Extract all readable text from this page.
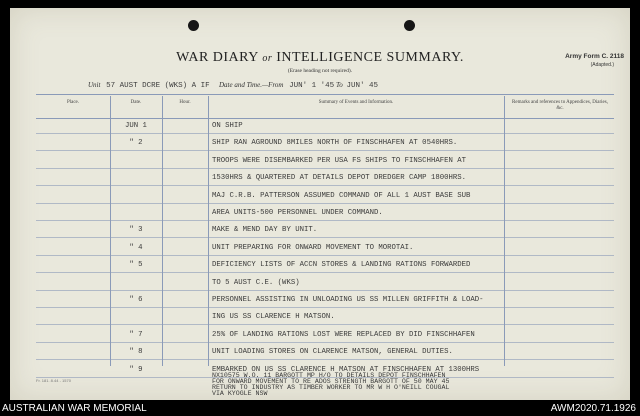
WAR DIARY or INTELLIGENCE SUMMARY.
(Erase heading not required).
Army Form C. 2118
(Adapted.)
Unit 57 AUST DCRE (WKS) A IF Date and Time.—From JUN' 1 '45 To JUN' 45
Place.	Date.	Hour.	Summary of Events and Information.	Remarks and references to Appendices, Diaries, &c.
JUN 1	ON SHIP
" 2	SHIP RAN AGROUND 8MILES NORTH OF FINSCHHAFEN AT 0540HRS.
TROOPS WERE DISEMBARKED PER USA FS SHIPS TO FINSCHHAFEN AT
1530HRS & QUARTERED AT DETAILS DEPOT DREDGER CAMP 1800HRS.
MAJ C.R.B. PATTERSON ASSUMED COMMAND OF ALL 1 AUST BASE SUB
AREA UNITS-500 PERSONNEL UNDER COMMAND.
" 3	MAKE & MEND DAY BY UNIT.
" 4	UNIT PREPARING FOR ONWARD MOVEMENT TO MOROTAI.
" 5	DEFICIENCY LISTS OF ACCN STORES & LANDING RATIONS FORWARDED
TO 5 AUST C.E. (WKS)
" 6	PERSONNEL ASSISTING IN UNLOADING US SS MILLEN GRIFFITH & LOAD-
ING US SS CLARENCE H MATSON.
" 7	25% OF LANDING RATIONS LOST WERE REPLACED BY DID FINSCHHAFEN
" 8	UNIT LOADING STORES ON CLARENCE MATSON, GENERAL DUTIES.
" 9	EMBARKED ON US SS CLARENCE H MATSON AT FINSCHHAFEN AT 1300HRS
NX10575 W.O. 11 BARGOTT MP H/O TO DETAILS DEPOT FINSCHHAFEN
FOR ONWARD MOVEMENT TO RE ADOS STRENGTH BARGOTT OF 50 MAY 45
RETURN TO INDUSTRY AS TIMBER WORKER TO MR W H O'NEILL COUGAL
VIA KYOGLE NSW
Fr. 181. 8.44 - 1570
AUSTRALIAN WAR MEMORIAL	AWM2020.71.1926
